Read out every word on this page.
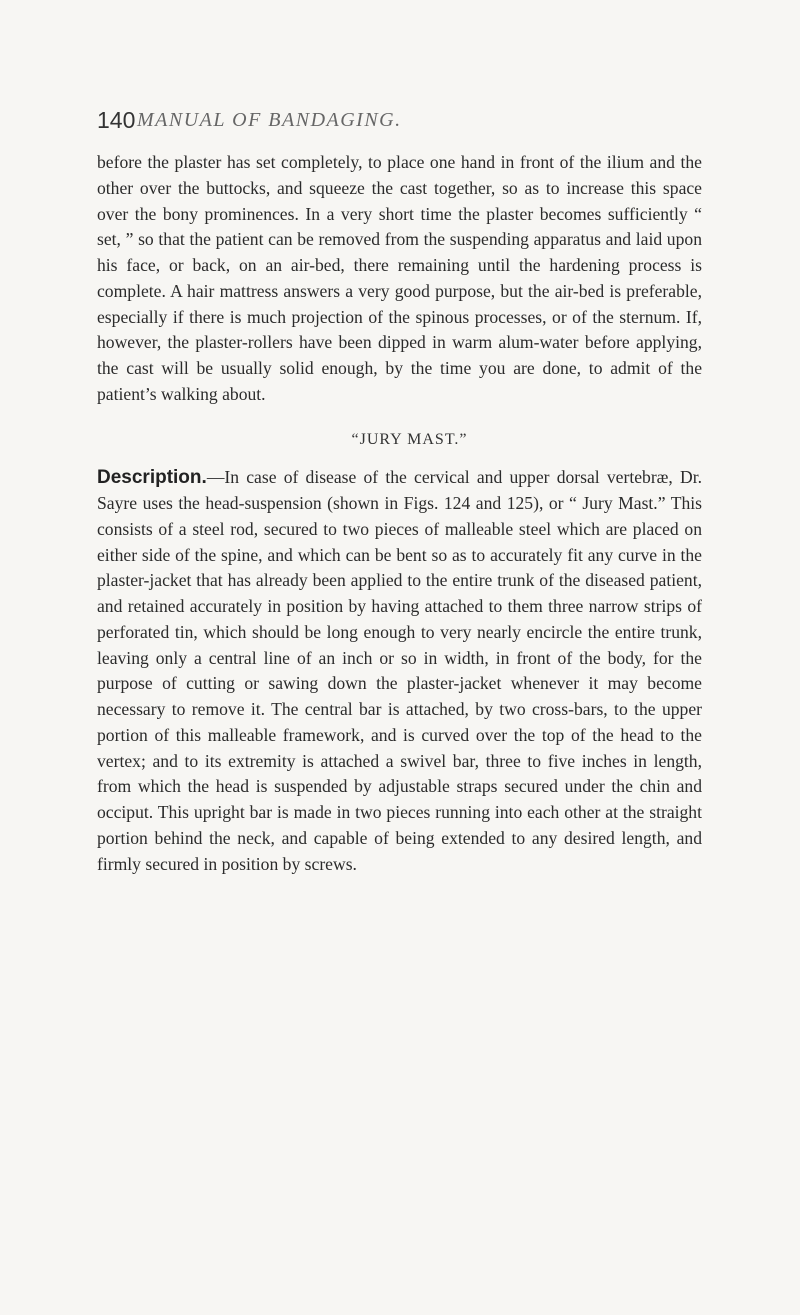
140 MANUAL OF BANDAGING.

before the plaster has set completely, to place one hand in front of the ilium and the other over the buttocks, and squeeze the cast together, so as to increase this space over the bony prominences. In a very short time the plaster becomes sufficiently “ set, ” so that the patient can be removed from the suspending apparatus and laid upon his face, or back, on an air-bed, there remaining until the hardening process is complete. A hair mattress answers a very good purpose, but the air-bed is preferable, especially if there is much projection of the spinous processes, or of the sternum. If, however, the plaster-rollers have been dipped in warm alum-water before applying, the cast will be usually solid enough, by the time you are done, to admit of the patient’s walking about.

“JURY MAST.”

Description.—In case of disease of the cervical and upper dorsal vertebræ, Dr. Sayre uses the head-suspension (shown in Figs. 124 and 125), or “ Jury Mast.” This consists of a steel rod, secured to two pieces of malleable steel which are placed on either side of the spine, and which can be bent so as to accurately fit any curve in the plaster-jacket that has already been applied to the entire trunk of the diseased patient, and retained accurately in position by having attached to them three narrow strips of perforated tin, which should be long enough to very nearly encircle the entire trunk, leaving only a central line of an inch or so in width, in front of the body, for the purpose of cutting or sawing down the plaster-jacket whenever it may become necessary to remove it. The central bar is attached, by two cross-bars, to the upper portion of this malleable framework, and is curved over the top of the head to the vertex; and to its extremity is attached a swivel bar, three to five inches in length, from which the head is suspended by adjustable straps secured under the chin and occiput. This upright bar is made in two pieces running into each other at the straight portion behind the neck, and capable of being extended to any desired length, and firmly secured in position by screws.
